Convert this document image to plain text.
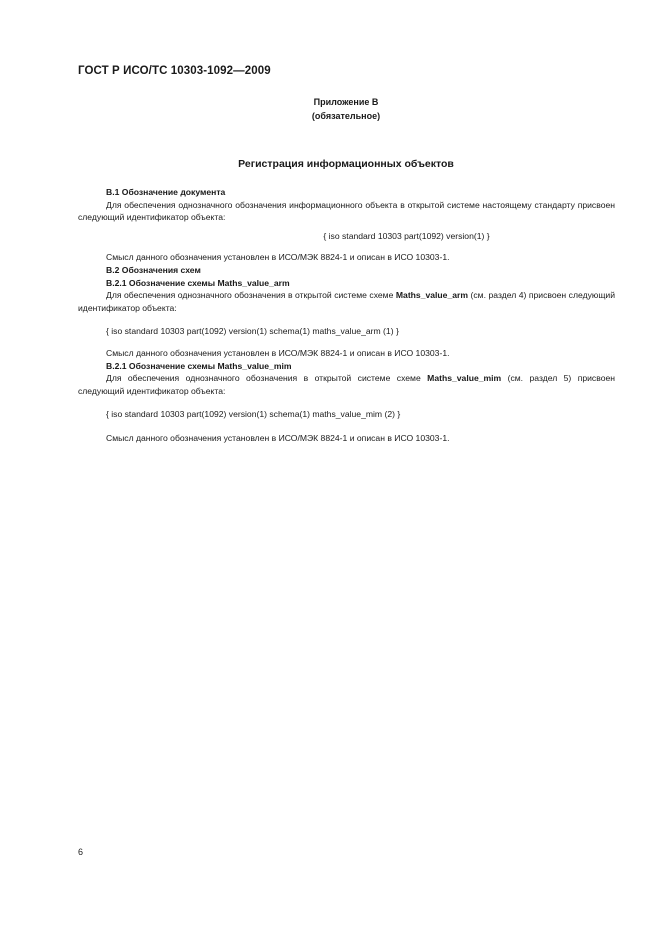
ГОСТ Р ИСО/ТС 10303-1092—2009
Приложение В
(обязательное)
Регистрация информационных объектов
В.1 Обозначение документа

Для обеспечения однозначного обозначения информационного объекта в открытой системе настоящему стандарту присвоен следующий идентификатор объекта:

{ iso standard 10303 part(1092) version(1) }
Смысл данного обозначения установлен в ИСО/МЭК 8824-1 и описан в ИСО 10303-1.
В.2 Обозначения схем
В.2.1 Обозначение схемы Maths_value_arm

Для обеспечения однозначного обозначения в открытой системе схеме Maths_value_arm (см. раздел 4) присвоен следующий идентификатор объекта:

{ iso standard 10303 part(1092) version(1) schema(1) maths_value_arm (1) }
Смысл данного обозначения установлен в ИСО/МЭК 8824-1 и описан в ИСО 10303-1.
В.2.1 Обозначение схемы Maths_value_mim

Для обеспечения однозначного обозначения в открытой системе схеме Maths_value_mim (см. раздел 5) присвоен следующий идентификатор объекта:

{ iso standard 10303 part(1092) version(1) schema(1) maths_value_mim (2) }
Смысл данного обозначения установлен в ИСО/МЭК 8824-1 и описан в ИСО 10303-1.
6
